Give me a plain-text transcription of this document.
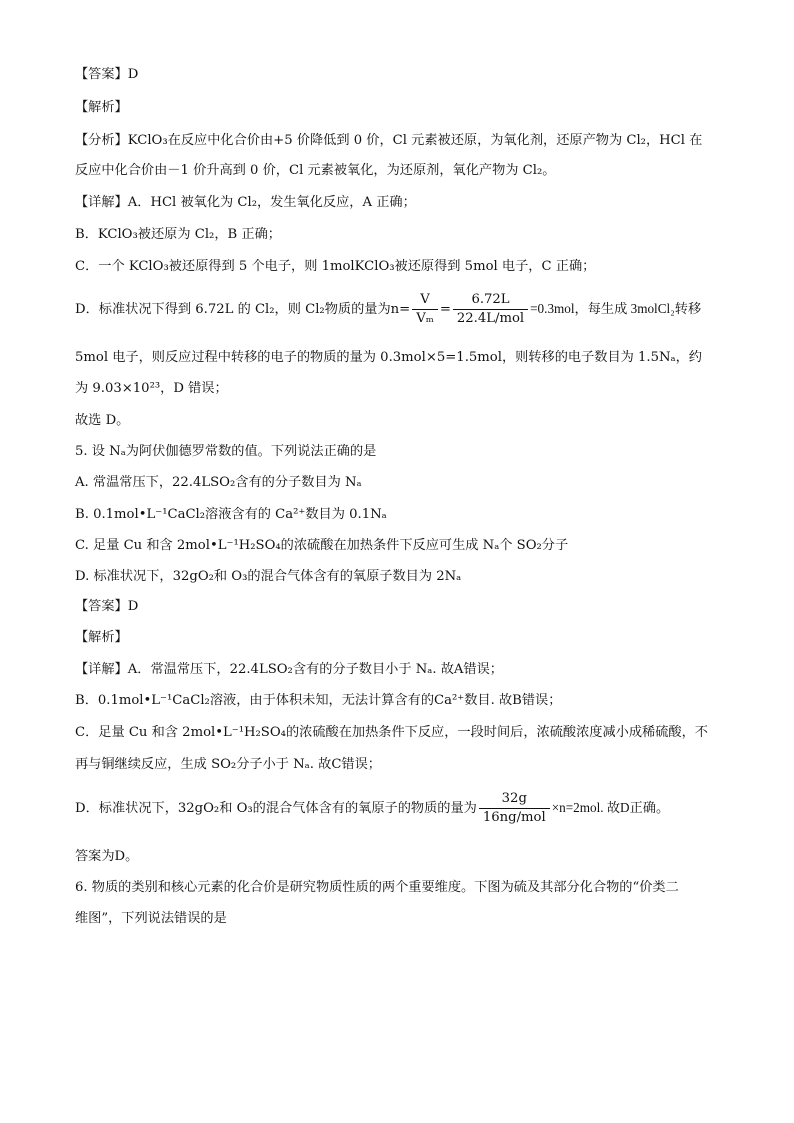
【答案】D
【解析】
【分析】KClO₃在反应中化合价由+5 价降低到 0 价，Cl 元素被还原，为氧化剂，还原产物为 Cl₂，HCl 在
反应中化合价由－1 价升高到 0 价，Cl 元素被氧化，为还原剂，氧化产物为 Cl₂。
【详解】A．HCl 被氧化为 Cl₂，发生氧化反应，A 正确；
B．KClO₃被还原为 Cl₂，B 正确；
C．一个 KClO₃被还原得到 5 个电子，则 1molKClO₃被还原得到 5mol 电子，C 正确；
D．标准状况下得到 6.72L 的 Cl₂，则 Cl₂物质的量为$n= \frac{V}{\text{Vₘ}} = \frac{6.72L}{\text{22.4L/mol}} =0.3mol$，每生成 3molCl₂转移
5mol 电子，则反应过程中转移的电子的物质的量为 0.3mol×5=1.5mol，则转移的电子数目为 1.5Nₐ，约
为 9.03×10²³，D 错误；
故选 D。
5. 设 Nₐ为阿伏伽德罗常数的值。下列说法正确的是
A. 常温常压下，22.4LSO₂含有的分子数目为 Nₐ
B. 0.1mol•L⁻¹CaCl₂溶液含有的 Ca²⁺数目为 0.1Nₐ
C. 足量 Cu 和含 2mol•L⁻¹H₂SO₄的浓硫酸在加热条件下反应可生成 Nₐ个 SO₂分子
D. 标准状况下，32gO₂和 O₃的混合气体含有的氧原子数目为 2Nₐ
【答案】D
【解析】
【详解】A．常温常压下，22.4LSO₂含有的分子数目小于 Nₐ. 故A错误；
B．0.1mol•L⁻¹CaCl₂溶液，由于体积未知，无法计算含有的Ca²⁺数目. 故B错误；
C．足量 Cu 和含 2mol•L⁻¹H₂SO₄的浓硫酸在加热条件下反应，一段时间后，浓硫酸浓度减小成稀硫酸，不
再与铜继续反应，生成 SO₂分子小于 Nₐ. 故C错误；
D．标准状况下，32gO₂和 O₃的混合气体含有的氧原子的物质的量为 $\frac{32g}{\text{16ng/mol}} \times n=2mol$. 故D正确。
答案为D。
6. 物质的类别和核心元素的化合价是研究物质性质的两个重要维度。下图为硫及其部分化合物的“价类二
维图”，下列说法错误的是
